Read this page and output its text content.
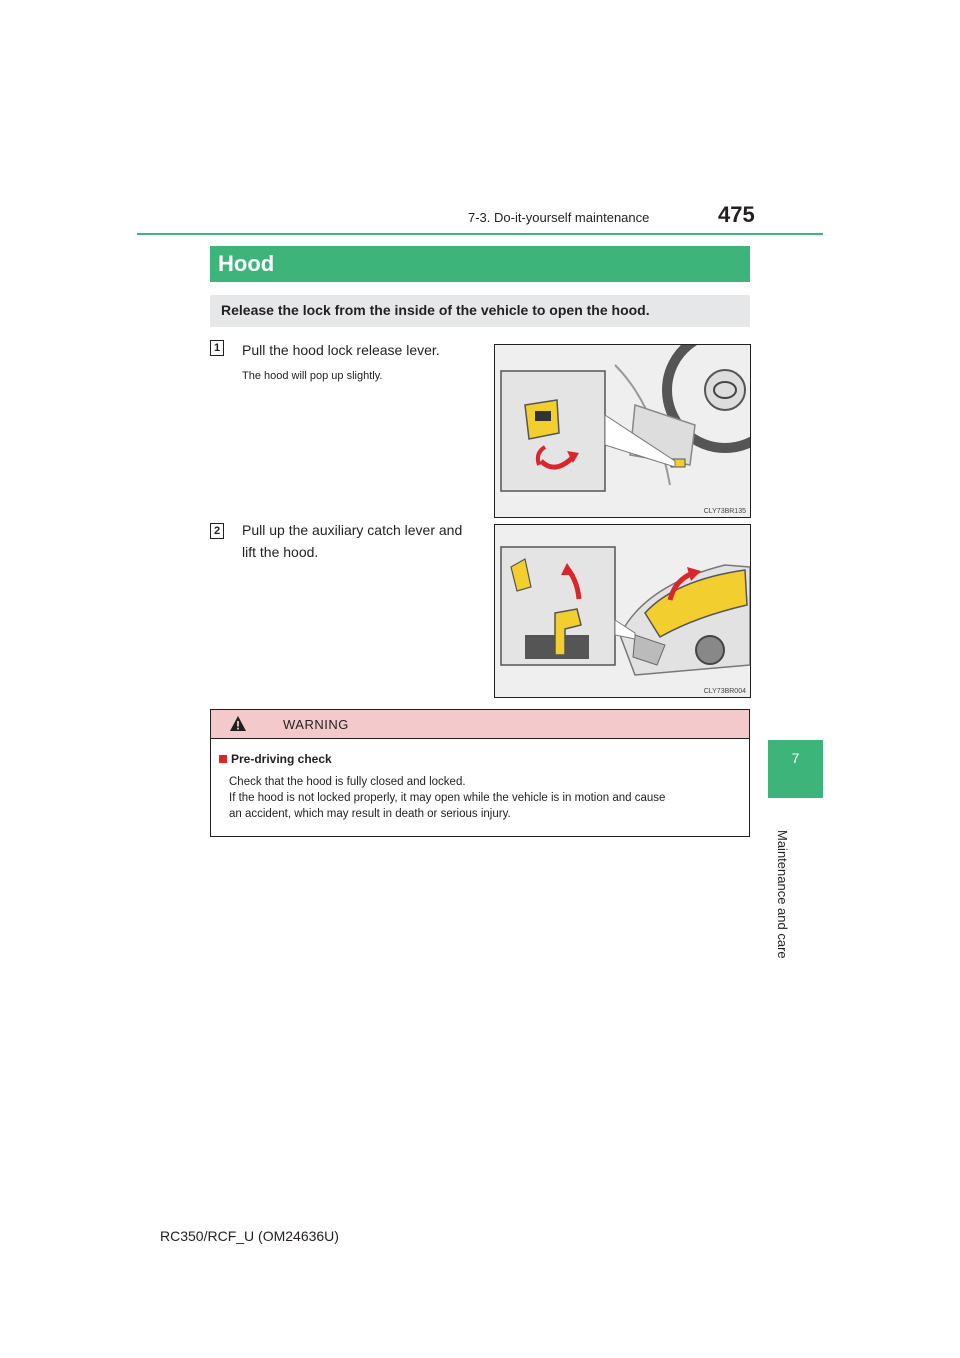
7-3. Do-it-yourself maintenance	475
7
Maintenance and care
Hood
Release the lock from the inside of the vehicle to open the hood.
1 Pull the hood lock release lever.
The hood will pop up slightly.
CLY73BR135
2 Pull up the auxiliary catch lever and
lift the hood.
CLY73BR004
WARNING
Pre-driving check
Check that the hood is fully closed and locked.
If the hood is not locked properly, it may open while the vehicle is in motion and cause
an accident, which may result in death or serious injury.
RC350/RCF_U (OM24636U)
